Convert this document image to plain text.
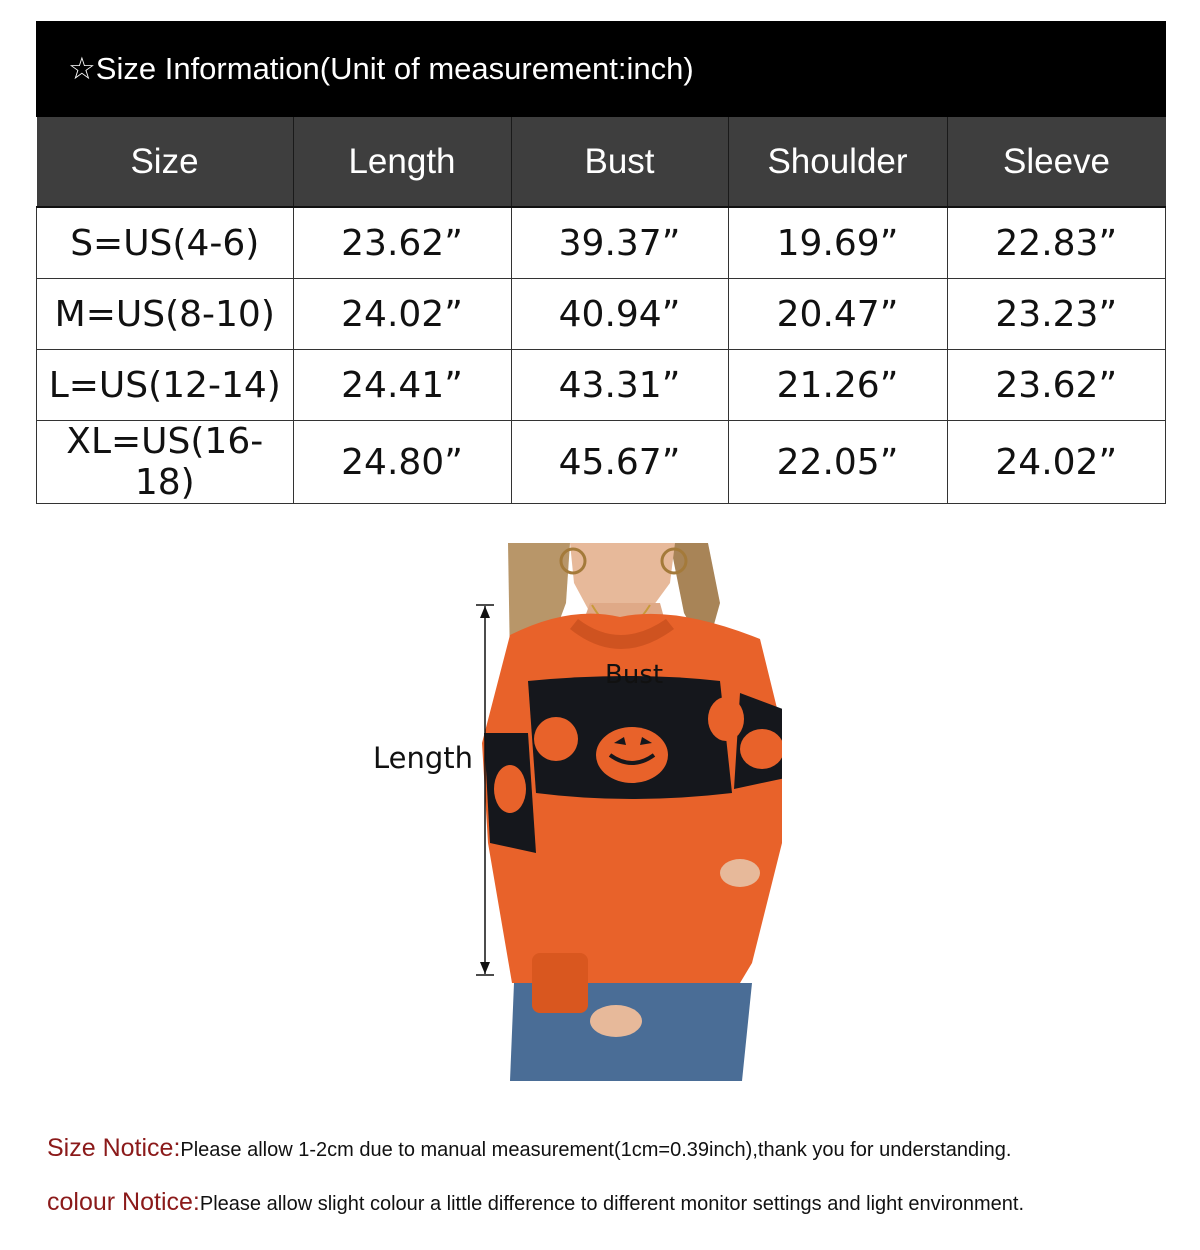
☆Size Information(Unit of measurement:inch)
Size	Length	Bust	Shoulder	Sleeve
S=US(4-6)	23.62”	39.37”	19.69”	22.83”
M=US(8-10)	24.02”	40.94”	20.47”	23.23”
L=US(12-14)	24.41”	43.31”	21.26”	23.62”
XL=US(16-18)	24.80”	45.67”	22.05”	24.02”
Length
Bust
Size Notice:Please allow 1-2cm due to manual measurement(1cm=0.39inch),thank you for understanding.
colour Notice:Please allow slight colour a little difference to different monitor settings and light environment.
